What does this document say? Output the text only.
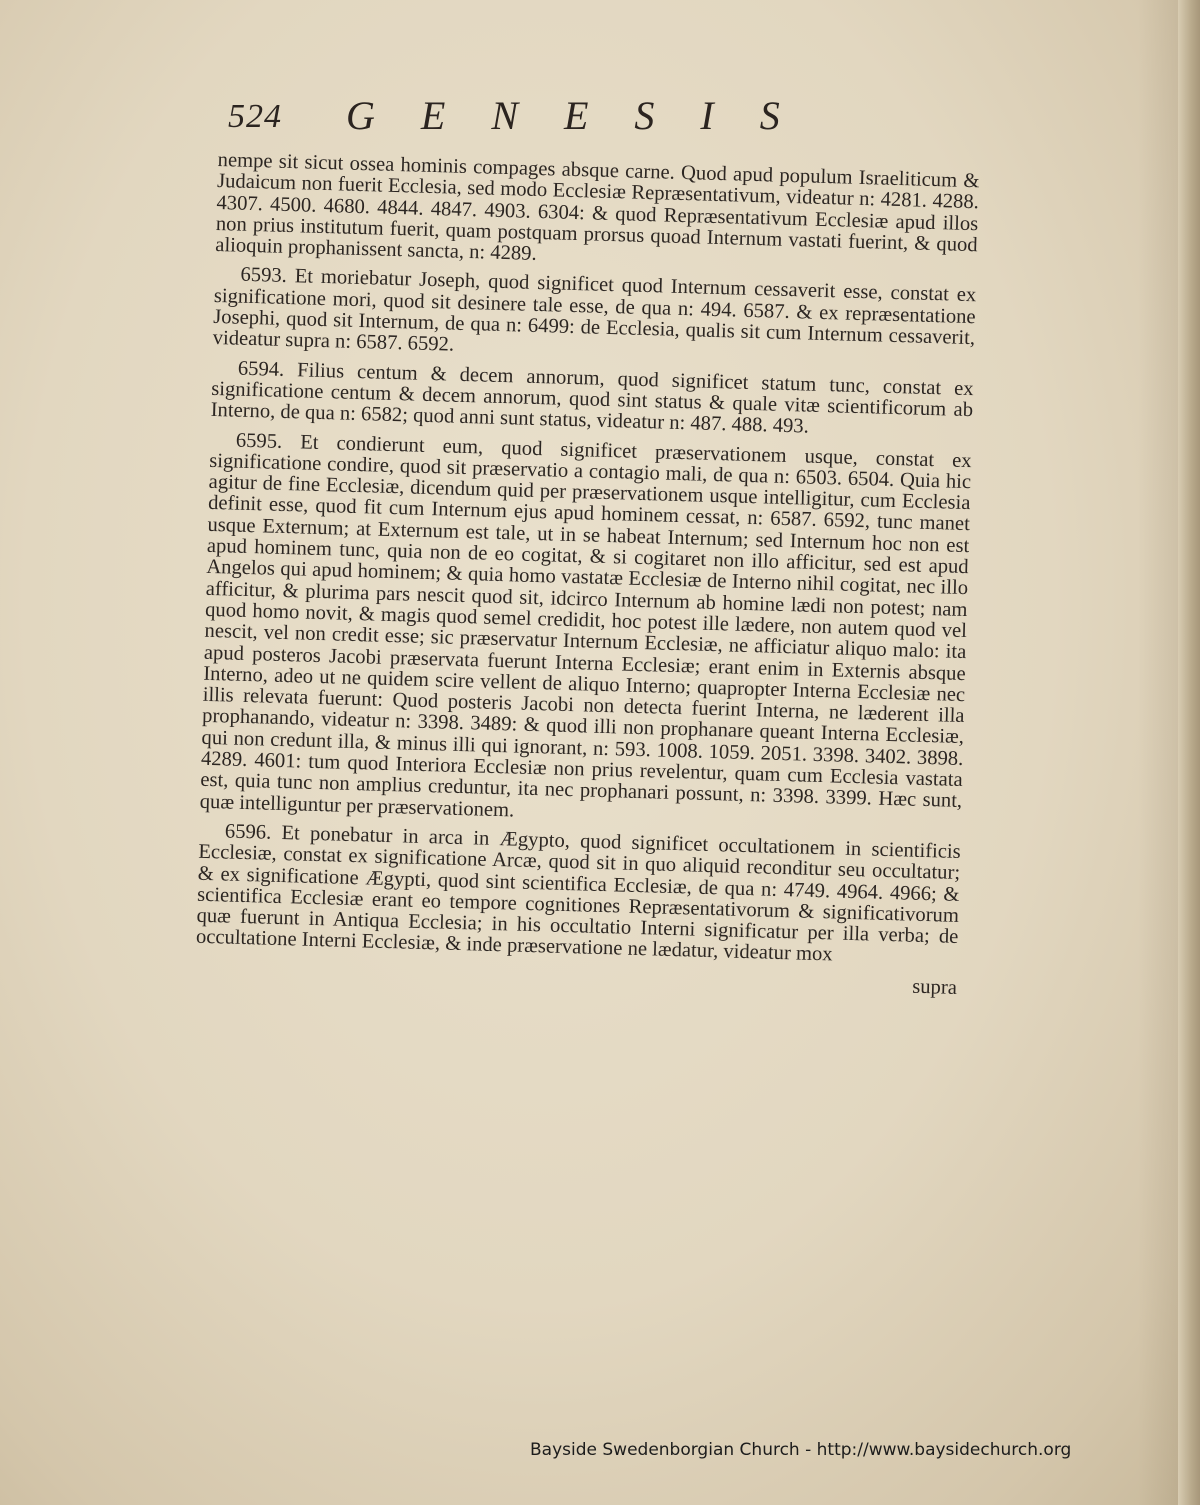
524 GENESIS

nempe sit sicut ossea hominis compages absque carne. Quod apud populum Israeliticum & Judaicum non fuerit Ecclesia, sed modo Ecclesiæ Repræsentativum, videatur n: 4281. 4288. 4307. 4500. 4680. 4844. 4847. 4903. 6304: & quod Repræsentativum Ecclesiæ apud illos non prius institutum fuerit, quam postquam prorsus quoad Internum vastati fuerint, & quod alioquin prophanissent sancta, n: 4289.

6593. Et moriebatur Joseph, quod significet quod Internum cessaverit esse, constat ex significatione mori, quod sit desinere tale esse, de qua n: 494. 6587. & ex repræsentatione Josephi, quod sit Internum, de qua n: 6499: de Ecclesia, qualis sit cum Internum cessaverit, videatur supra n: 6587. 6592.

6594. Filius centum & decem annorum, quod significet statum tunc, constat ex significatione centum & decem annorum, quod sint status & quale vitæ scientificorum ab Interno, de qua n: 6582; quod anni sunt status, videatur n: 487. 488. 493.

6595. Et condierunt eum, quod significet præservationem usque, constat ex significatione condire, quod sit præservatio a contagio mali, de qua n: 6503. 6504. Quia hic agitur de fine Ecclesiæ, dicendum quid per præservationem usque intelligitur, cum Ecclesia definit esse, quod fit cum Internum ejus apud hominem cessat, n: 6587. 6592, tunc manet usque Externum; at Externum est tale, ut in se habeat Internum; sed Internum hoc non est apud hominem tunc, quia non de eo cogitat, & si cogitaret non illo afficitur, sed est apud Angelos qui apud hominem; & quia homo vastatæ Ecclesiæ de Interno nihil cogitat, nec illo afficitur, & plurima pars nescit quod sit, idcirco Internum ab homine lædi non potest; nam quod homo novit, & magis quod semel credidit, hoc potest ille lædere, non autem quod vel nescit, vel non credit esse; sic præservatur Internum Ecclesiæ, ne afficiatur aliquo malo: ita apud posteros Jacobi præservata fuerunt Interna Ecclesiæ; erant enim in Externis absque Interno, adeo ut ne quidem scire vellent de aliquo Interno; quapropter Interna Ecclesiæ nec illis relevata fuerunt: Quod posteris Jacobi non detecta fuerint Interna, ne læderent illa prophanando, videatur n: 3398. 3489: & quod illi non prophanare queant Interna Ecclesiæ, qui non credunt illa, & minus illi qui ignorant, n: 593. 1008. 1059. 2051. 3398. 3402. 3898. 4289. 4601: tum quod Interiora Ecclesiæ non prius revelentur, quam cum Ecclesia vastata est, quia tunc non amplius creduntur, ita nec prophanari possunt, n: 3398. 3399. Hæc sunt, quæ intelliguntur per præservationem.

6596. Et ponebatur in arca in Ægypto, quod significet occultationem in scientificis Ecclesiæ, constat ex significatione Arcæ, quod sit in quo aliquid reconditur seu occultatur; & ex significatione Ægypti, quod sint scientifica Ecclesiæ, de qua n: 4749. 4964. 4966; & scientifica Ecclesiæ erant eo tempore cognitiones Repræsentativorum & significativorum quæ fuerunt in Antiqua Ecclesia; in his occultatio Interni significatur per illa verba; de occultatione Interni Ecclesiæ, & inde præservatione ne lædatur, videatur mox

supra

Bayside Swedenborgian Church - http://www.baysidechurch.org
